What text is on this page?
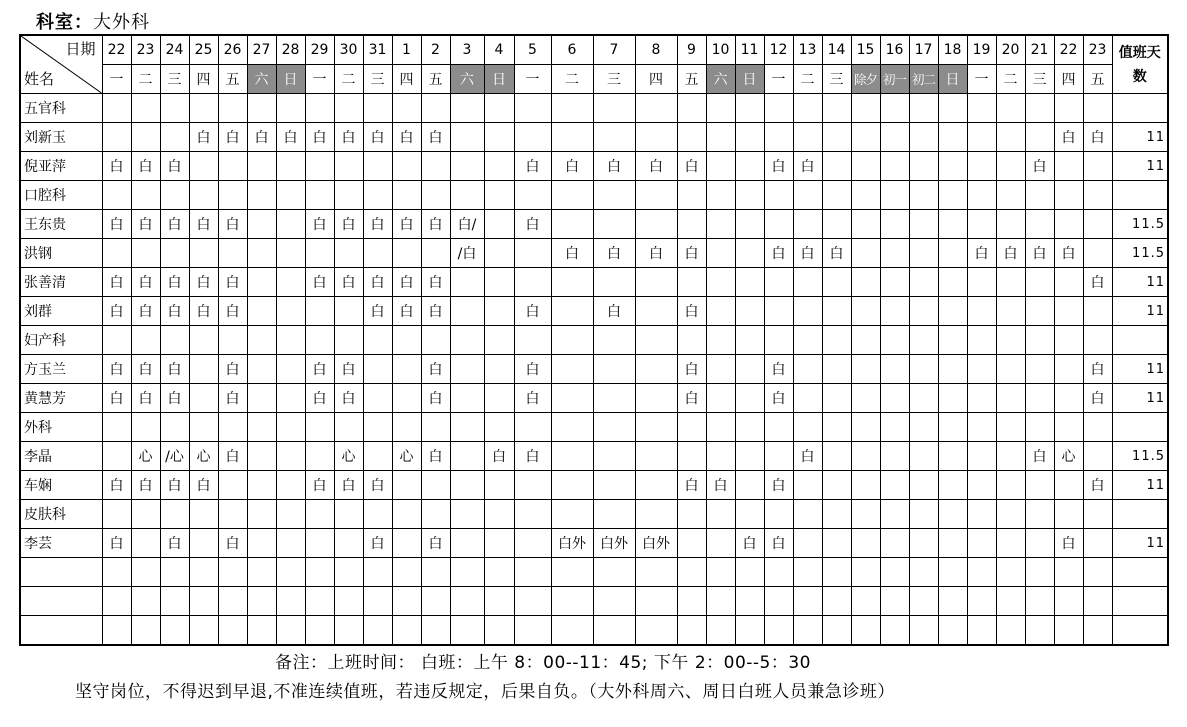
科室：大外科
日期
姓名	22	23	24	25	26	27	28	29	30	31	1	2	3	4	5	6	7	8	9	10	11	12	13	14	15	16	17	18	19	20	21	22	23	值班天数
	一	二	三	四	五	六	日	一	二	三	四	五	六	日	一	二	三	四	五	六	日	一	二	三	除夕	初一	初二	日	一	二	三	四	五	
五官科																																		
刘新玉				白	白	白	白	白	白	白	白	白																				白	白	11
倪亚萍	白	白	白												白	白	白	白	白			白	白								白			11
口腔科																																		
王东贵	白	白	白	白	白			白	白	白	白	白	白/		白																			11.5
洪钢													/白			白	白	白	白			白	白	白					白	白	白	白		11.5
张善清	白	白	白	白	白			白	白	白	白	白																					白	11
刘群	白	白	白	白	白					白	白	白			白		白		白															11
妇产科																																		
方玉兰	白	白	白		白			白	白			白			白				白			白											白	11
黄慧芳	白	白	白		白			白	白			白			白				白			白											白	11
外科																																		
李晶		心	/心	心	白				心		心	白		白	白								白								白	心		11.5
车娴	白	白	白	白				白	白	白									白	白		白											白	11
皮肤科																																		
李芸	白		白		白					白		白				白外	白外	白外			白	白										白		11

备注：上班时间： 白班：上午 8：00--11：45; 下午 2：00--5：30
坚守岗位，不得迟到早退,不准连续值班，若违反规定，后果自负。（大外科周六、周日白班人员兼急诊班）
